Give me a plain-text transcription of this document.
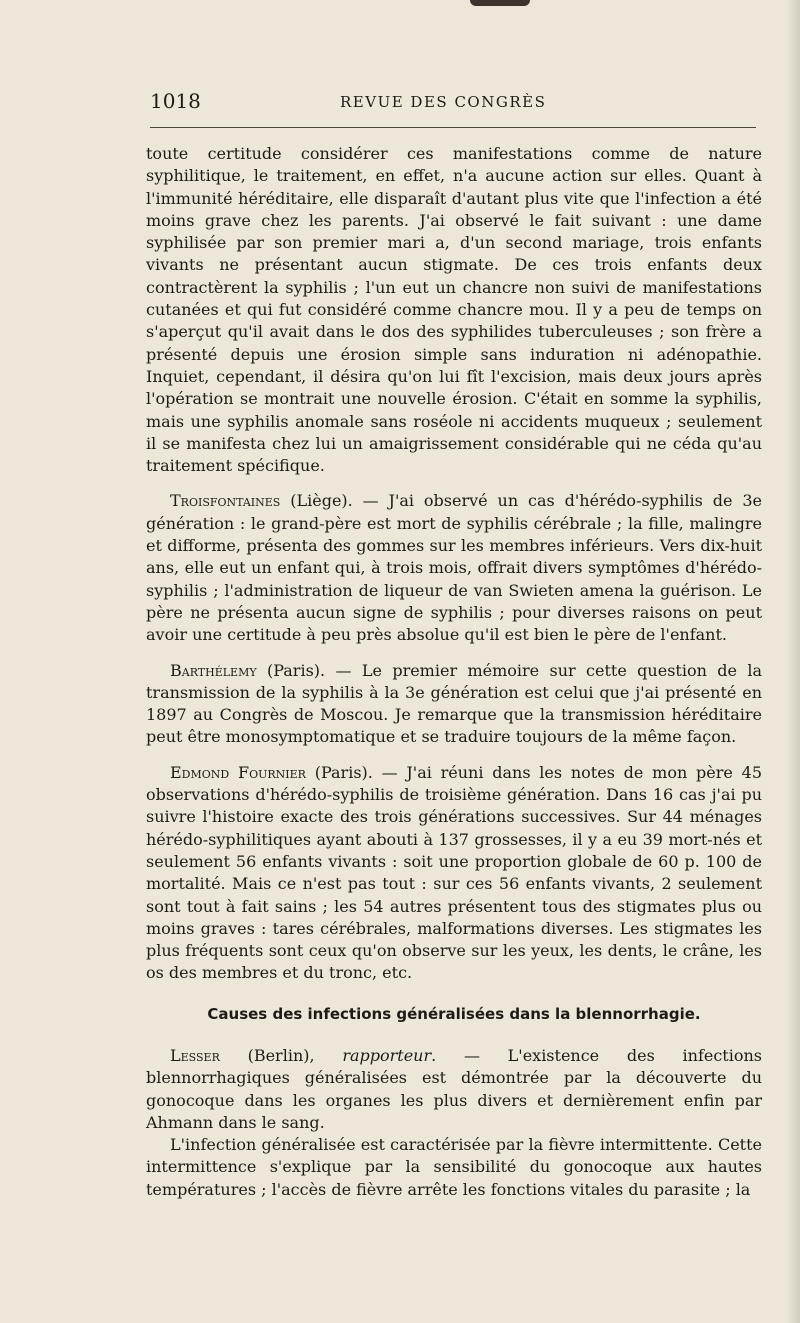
1018	REVUE DES CONGRÈS

toute certitude considérer ces manifestations comme de nature syphilitique, le traitement, en effet, n'a aucune action sur elles. Quant à l'immunité héréditaire, elle disparaît d'autant plus vite que l'infection a été moins grave chez les parents. J'ai observé le fait suivant : une dame syphilisée par son premier mari a, d'un second mariage, trois enfants vivants ne présentant aucun stigmate. De ces trois enfants deux contractèrent la syphilis ; l'un eut un chancre non suivi de manifestations cutanées et qui fut considéré comme chancre mou. Il y a peu de temps on s'aperçut qu'il avait dans le dos des syphilides tuberculeuses ; son frère a présenté depuis une érosion simple sans induration ni adénopathie. Inquiet, cependant, il désira qu'on lui fît l'excision, mais deux jours après l'opération se montrait une nouvelle érosion. C'était en somme la syphilis, mais une syphilis anomale sans roséole ni accidents muqueux ; seulement il se manifesta chez lui un amaigrissement considérable qui ne céda qu'au traitement spécifique.

Troisfontaines (Liège). — J'ai observé un cas d'hérédo-syphilis de 3e génération : le grand-père est mort de syphilis cérébrale ; la fille, malingre et difforme, présenta des gommes sur les membres inférieurs. Vers dix-huit ans, elle eut un enfant qui, à trois mois, offrait divers symptômes d'hérédo-syphilis ; l'administration de liqueur de van Swieten amena la guérison. Le père ne présenta aucun signe de syphilis ; pour diverses raisons on peut avoir une certitude à peu près absolue qu'il est bien le père de l'enfant.

Barthélemy (Paris). — Le premier mémoire sur cette question de la transmission de la syphilis à la 3e génération est celui que j'ai présenté en 1897 au Congrès de Moscou. Je remarque que la transmission héréditaire peut être monosymptomatique et se traduire toujours de la même façon.

Edmond Fournier (Paris). — J'ai réuni dans les notes de mon père 45 observations d'hérédo-syphilis de troisième génération. Dans 16 cas j'ai pu suivre l'histoire exacte des trois générations successives. Sur 44 ménages hérédo-syphilitiques ayant abouti à 137 grossesses, il y a eu 39 mort-nés et seulement 56 enfants vivants : soit une proportion globale de 60 p. 100 de mortalité. Mais ce n'est pas tout : sur ces 56 enfants vivants, 2 seulement sont tout à fait sains ; les 54 autres présentent tous des stigmates plus ou moins graves : tares cérébrales, malformations diverses. Les stigmates les plus fréquents sont ceux qu'on observe sur les yeux, les dents, le crâne, les os des membres et du tronc, etc.

Causes des infections généralisées dans la blennorrhagie.

Lesser (Berlin), rapporteur. — L'existence des infections blennorrhagiques généralisées est démontrée par la découverte du gonocoque dans les organes les plus divers et dernièrement enfin par Ahmann dans le sang.

L'infection généralisée est caractérisée par la fièvre intermittente. Cette intermittence s'explique par la sensibilité du gonocoque aux hautes températures ; l'accès de fièvre arrête les fonctions vitales du parasite ; la
